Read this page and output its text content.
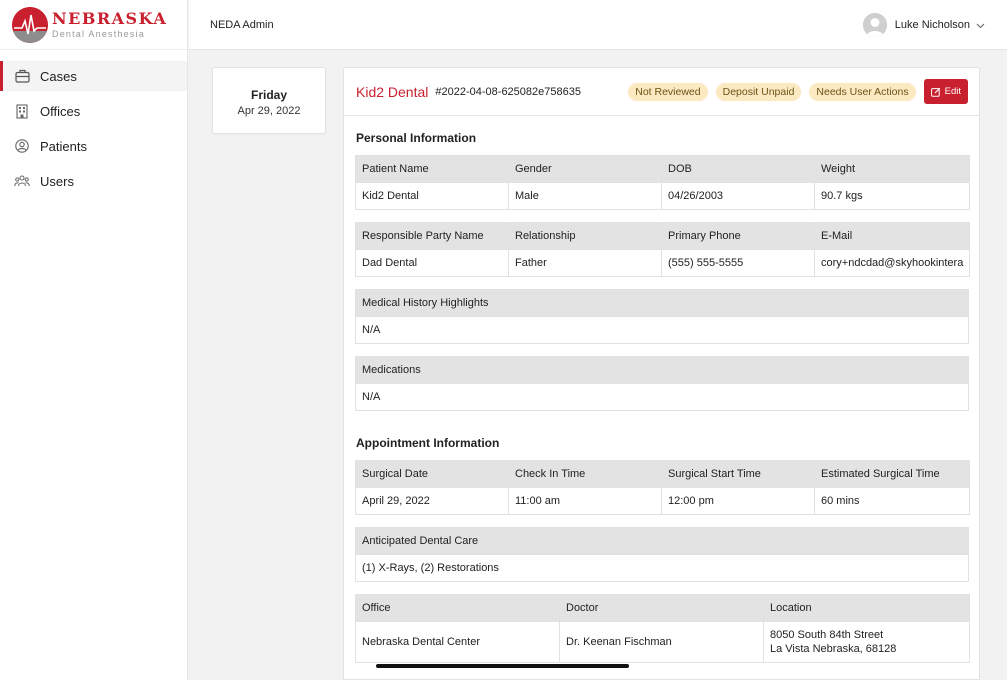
NEBRASKA
Dental Anesthesia
Cases
Offices
Patients
Users
NEDA Admin	Luke Nicholson
Friday
Apr 29, 2022
Kid2 Dental #2022-04-08-625082e758635	Not Reviewed	Deposit Unpaid	Needs User Actions	Edit
Personal Information
Patient Name	Gender	DOB	Weight
Kid2 Dental	Male	04/26/2003	90.7 kgs
Responsible Party Name	Relationship	Primary Phone	E-Mail
Dad Dental	Father	(555) 555-5555	cory+ndcdad@skyhookintera
Medical History Highlights
N/A
Medications
N/A
Appointment Information
Surgical Date	Check In Time	Surgical Start Time	Estimated Surgical Time
April 29, 2022	11:00 am	12:00 pm	60 mins
Anticipated Dental Care
(1) X-Rays, (2) Restorations
Office	Doctor	Location
Nebraska Dental Center	Dr. Keenan Fischman	8050 South 84th Street
La Vista Nebraska, 68128
